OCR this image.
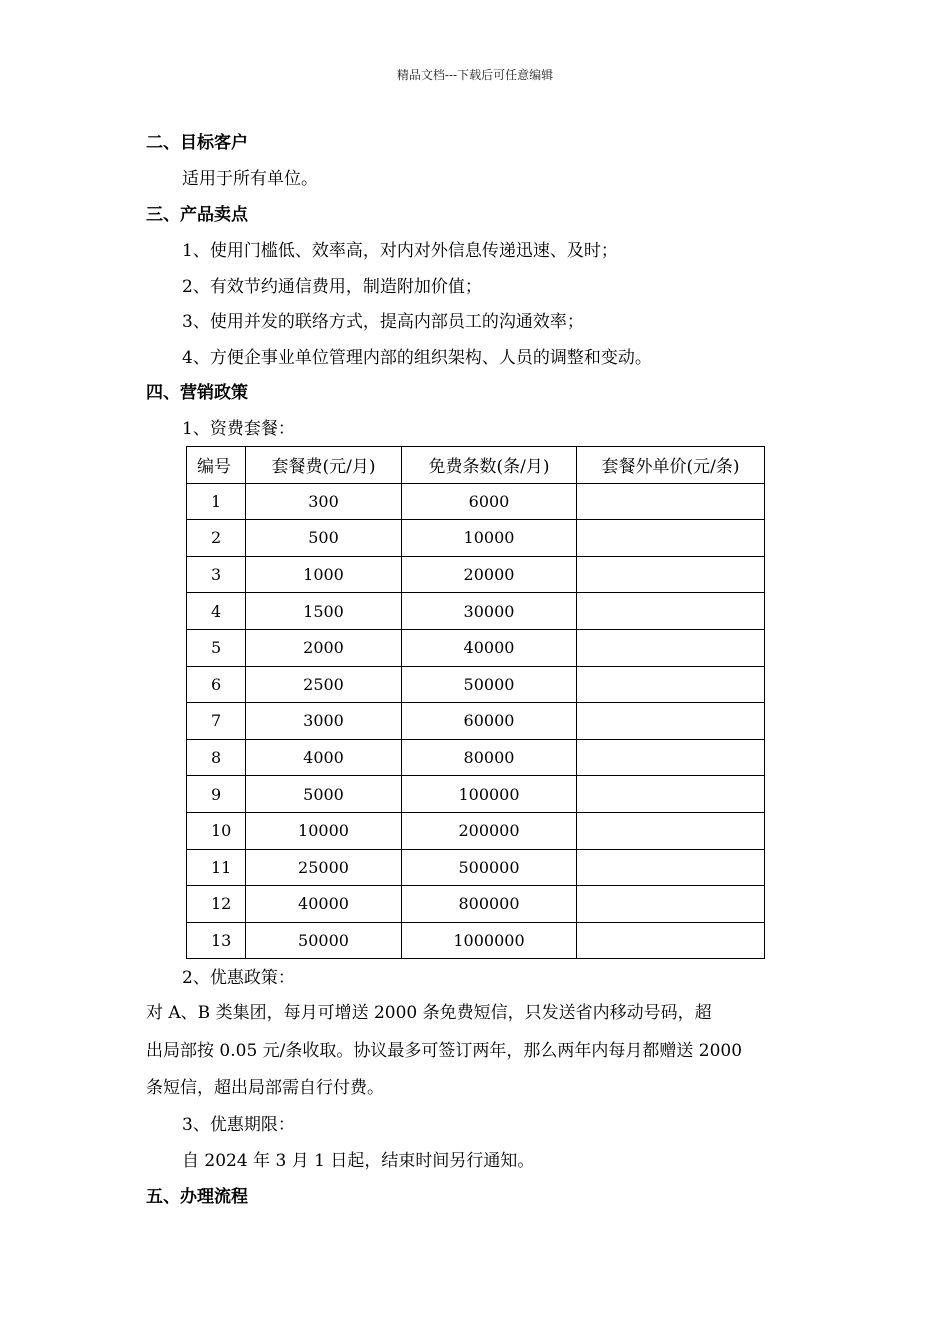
精品文档---下载后可任意编辑
二、目标客户
适用于所有单位。
三、产品卖点
1、使用门槛低、效率高，对内对外信息传递迅速、及时；
2、有效节约通信费用，制造附加价值；
3、使用并发的联络方式，提高内部员工的沟通效率；
4、方便企事业单位管理内部的组织架构、人员的调整和变动。
四、营销政策
1、资费套餐：
编号	套餐费(元/月)	免费条数(条/月)	套餐外单价(元/条)
1	300	6000	
2	500	10000	
3	1000	20000	
4	1500	30000	
5	2000	40000	
6	2500	50000	
7	3000	60000	
8	4000	80000	
9	5000	100000	
10	10000	200000	
11	25000	500000	
12	40000	800000	
13	50000	1000000	
2、优惠政策：
对 A、B 类集团，每月可增送 2000 条免费短信，只发送省内移动号码，超
出局部按 0.05 元/条收取。协议最多可签订两年，那么两年内每月都赠送 2000
条短信，超出局部需自行付费。
3、优惠期限：
自 2024 年 3 月 1 日起，结束时间另行通知。
五、办理流程
